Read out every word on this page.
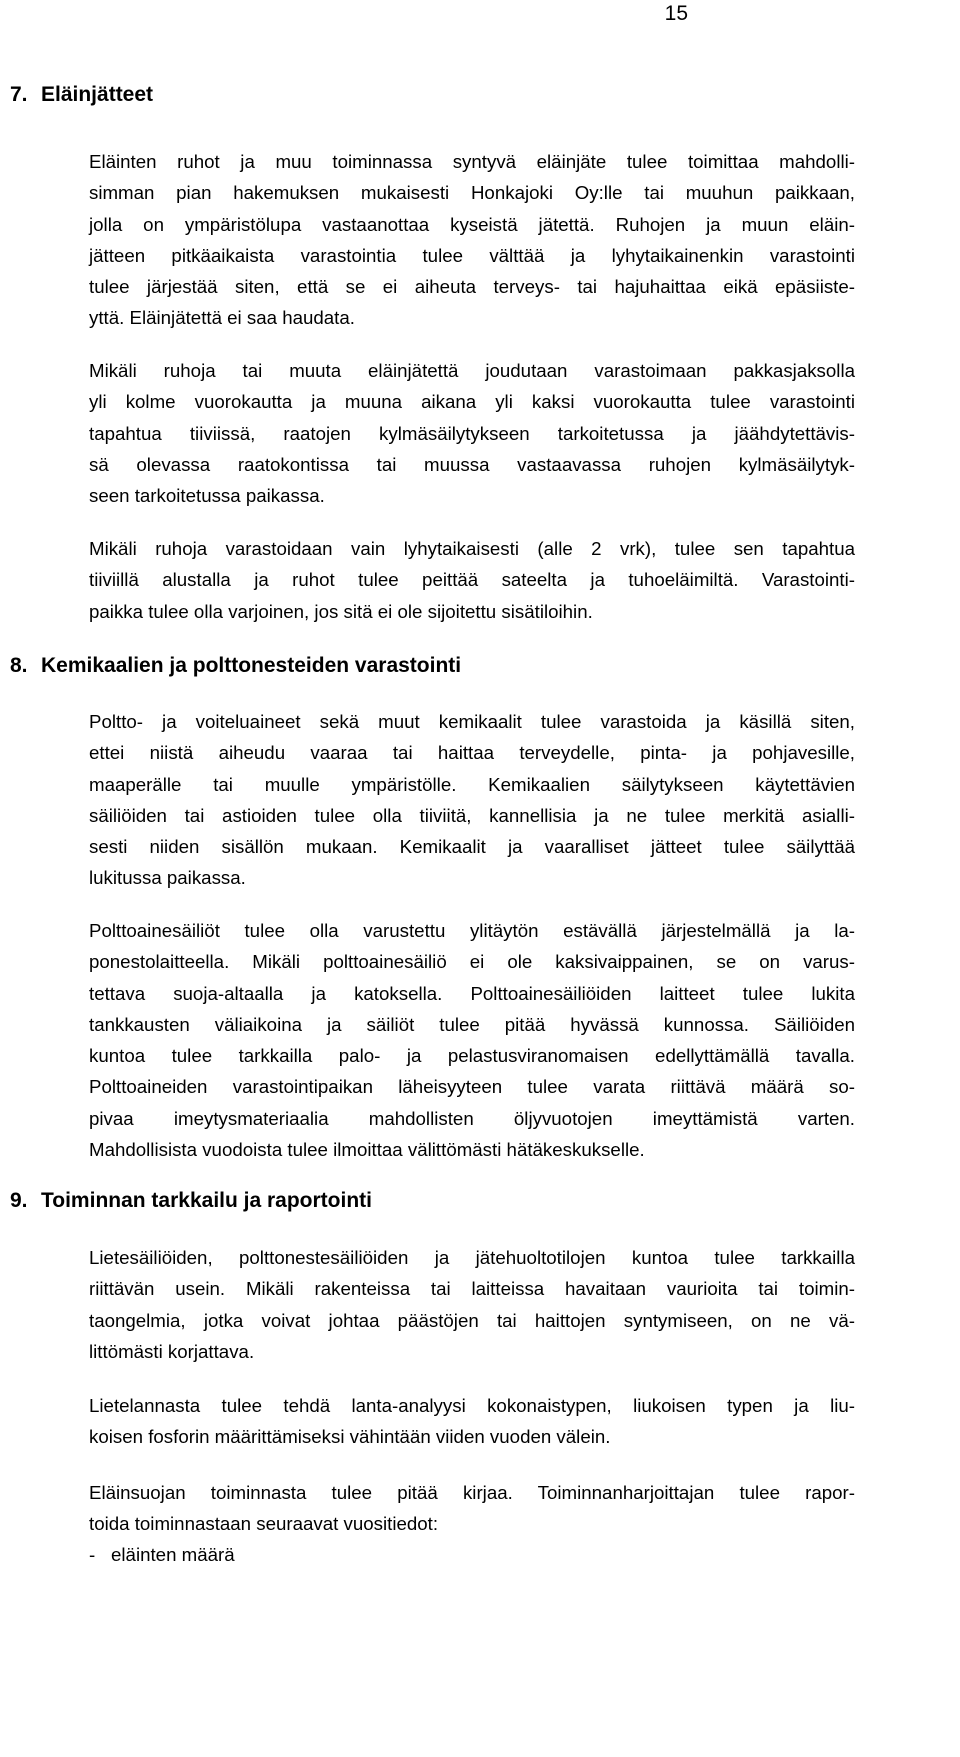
15
7. Eläinjätteet
Eläinten ruhot ja muu toiminnassa syntyvä eläinjäte tulee toimittaa mahdolli-
simman pian hakemuksen mukaisesti Honkajoki Oy:lle tai muuhun paikkaan,
jolla on ympäristölupa vastaanottaa kyseistä jätettä. Ruhojen ja muun eläin-
jätteen pitkäaikaista varastointia tulee välttää ja lyhytaikainenkin varastointi
tulee järjestää siten, että se ei aiheuta terveys- tai hajuhaittaa eikä epäsiiste-
yttä. Eläinjätettä ei saa haudata.
Mikäli ruhoja tai muuta eläinjätettä joudutaan varastoimaan pakkasjaksolla
yli kolme vuorokautta ja muuna aikana yli kaksi vuorokautta tulee varastointi
tapahtua tiiviissä, raatojen kylmäsäilytykseen tarkoitetussa ja jäähdytettävis-
sä olevassa raatokontissa tai muussa vastaavassa ruhojen kylmäsäilytyk-
seen tarkoitetussa paikassa.
Mikäli ruhoja varastoidaan vain lyhytaikaisesti (alle 2 vrk), tulee sen tapahtua
tiiviillä alustalla ja ruhot tulee peittää sateelta ja tuhoeläimiltä. Varastointi-
paikka tulee olla varjoinen, jos sitä ei ole sijoitettu sisätiloihin.
8. Kemikaalien ja polttonesteiden varastointi
Poltto- ja voiteluaineet sekä muut kemikaalit tulee varastoida ja käsillä siten,
ettei niistä aiheudu vaaraa tai haittaa terveydelle, pinta- ja pohjavesille,
maaperälle tai muulle ympäristölle. Kemikaalien säilytykseen käytettävien
säiliöiden tai astioiden tulee olla tiiviitä, kannellisia ja ne tulee merkitä asialli-
sesti niiden sisällön mukaan. Kemikaalit ja vaaralliset jätteet tulee säilyttää
lukitussa paikassa.
Polttoainesäiliöt tulee olla varustettu ylitäytön estävällä järjestelmällä ja la-
ponestolaitteella. Mikäli polttoainesäiliö ei ole kaksivaippainen, se on varus-
tettava suoja-altaalla ja katoksella. Polttoainesäiliöiden laitteet tulee lukita
tankkausten väliaikoina ja säiliöt tulee pitää hyvässä kunnossa. Säiliöiden
kuntoa tulee tarkkailla palo- ja pelastusviranomaisen edellyttämällä tavalla.
Polttoaineiden varastointipaikan läheisyyteen tulee varata riittävä määrä so-
pivaa imeytysmateriaalia mahdollisten öljyvuotojen imeyttämistä varten.
Mahdollisista vuodoista tulee ilmoittaa välittömästi hätäkeskukselle.
9. Toiminnan tarkkailu ja raportointi
Lietesäiliöiden, polttonestesäiliöiden ja jätehuoltotilojen kuntoa tulee tarkkailla
riittävän usein. Mikäli rakenteissa tai laitteissa havaitaan vaurioita tai toimin-
taongelmia, jotka voivat johtaa päästöjen tai haittojen syntymiseen, on ne vä-
littömästi korjattava.
Lietelannasta tulee tehdä lanta-analyysi kokonaistypen, liukoisen typen ja liu-
koisen fosforin määrittämiseksi vähintään viiden vuoden välein.
Eläinsuojan toiminnasta tulee pitää kirjaa. Toiminnanharjoittajan tulee rapor-
toida toiminnastaan seuraavat vuositiedot:
- eläinten määrä
